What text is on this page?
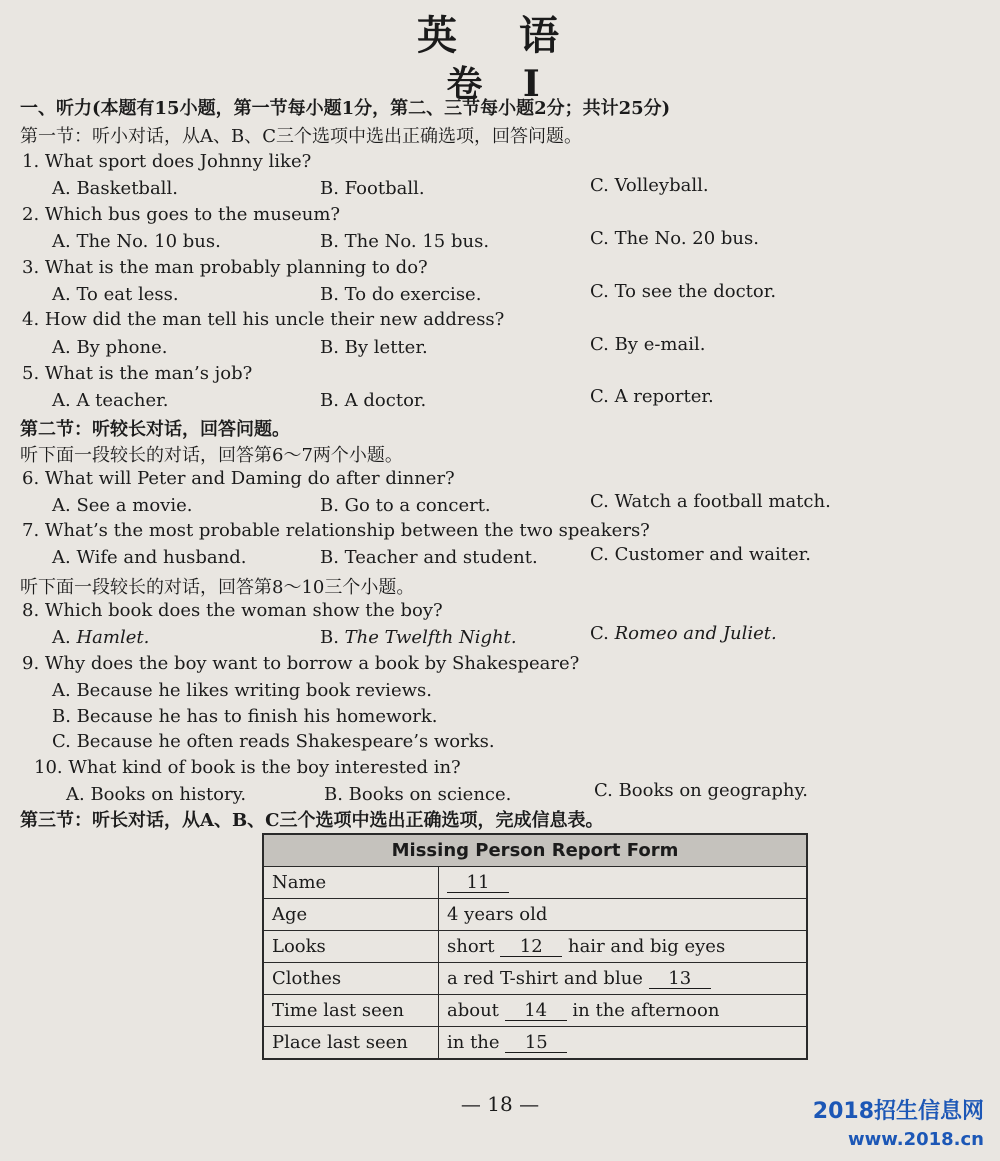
英 语
卷 Ⅰ
一、听力(本题有15小题，第一节每小题1分，第二、三节每小题2分；共计25分)
第一节：听小对话，从A、B、C三个选项中选出正确选项，回答问题。
1. What sport does Johnny like?
A. Basketball.	B. Football.	C. Volleyball.
2. Which bus goes to the museum?
A. The No. 10 bus.	B. The No. 15 bus.	C. The No. 20 bus.
3. What is the man probably planning to do?
A. To eat less.	B. To do exercise.	C. To see the doctor.
4. How did the man tell his uncle their new address?
A. By phone.	B. By letter.	C. By e-mail.
5. What is the man’s job?
A. A teacher.	B. A doctor.	C. A reporter.
第二节：听较长对话，回答问题。
听下面一段较长的对话，回答第6～7两个小题。
6. What will Peter and Daming do after dinner?
A. See a movie.	B. Go to a concert.	C. Watch a football match.
7. What’s the most probable relationship between the two speakers?
A. Wife and husband.	B. Teacher and student.	C. Customer and waiter.
听下面一段较长的对话，回答第8～10三个小题。
8. Which book does the woman show the boy?
A. Hamlet.	B. The Twelfth Night.	C. Romeo and Juliet.
9. Why does the boy want to borrow a book by Shakespeare?
A. Because he likes writing book reviews.
B. Because he has to finish his homework.
C. Because he often reads Shakespeare’s works.
10. What kind of book is the boy interested in?
A. Books on history.	B. Books on science.	C. Books on geography.
第三节：听长对话，从A、B、C三个选项中选出正确选项，完成信息表。
Missing Person Report Form	
Name	11
Age	4 years old
Looks	short 12 hair and big eyes
Clothes	a red T-shirt and blue 13
Time last seen	about 14 in the afternoon
Place last seen	in the 15
— 18 —	2018招生信息网
www.2018.cn
